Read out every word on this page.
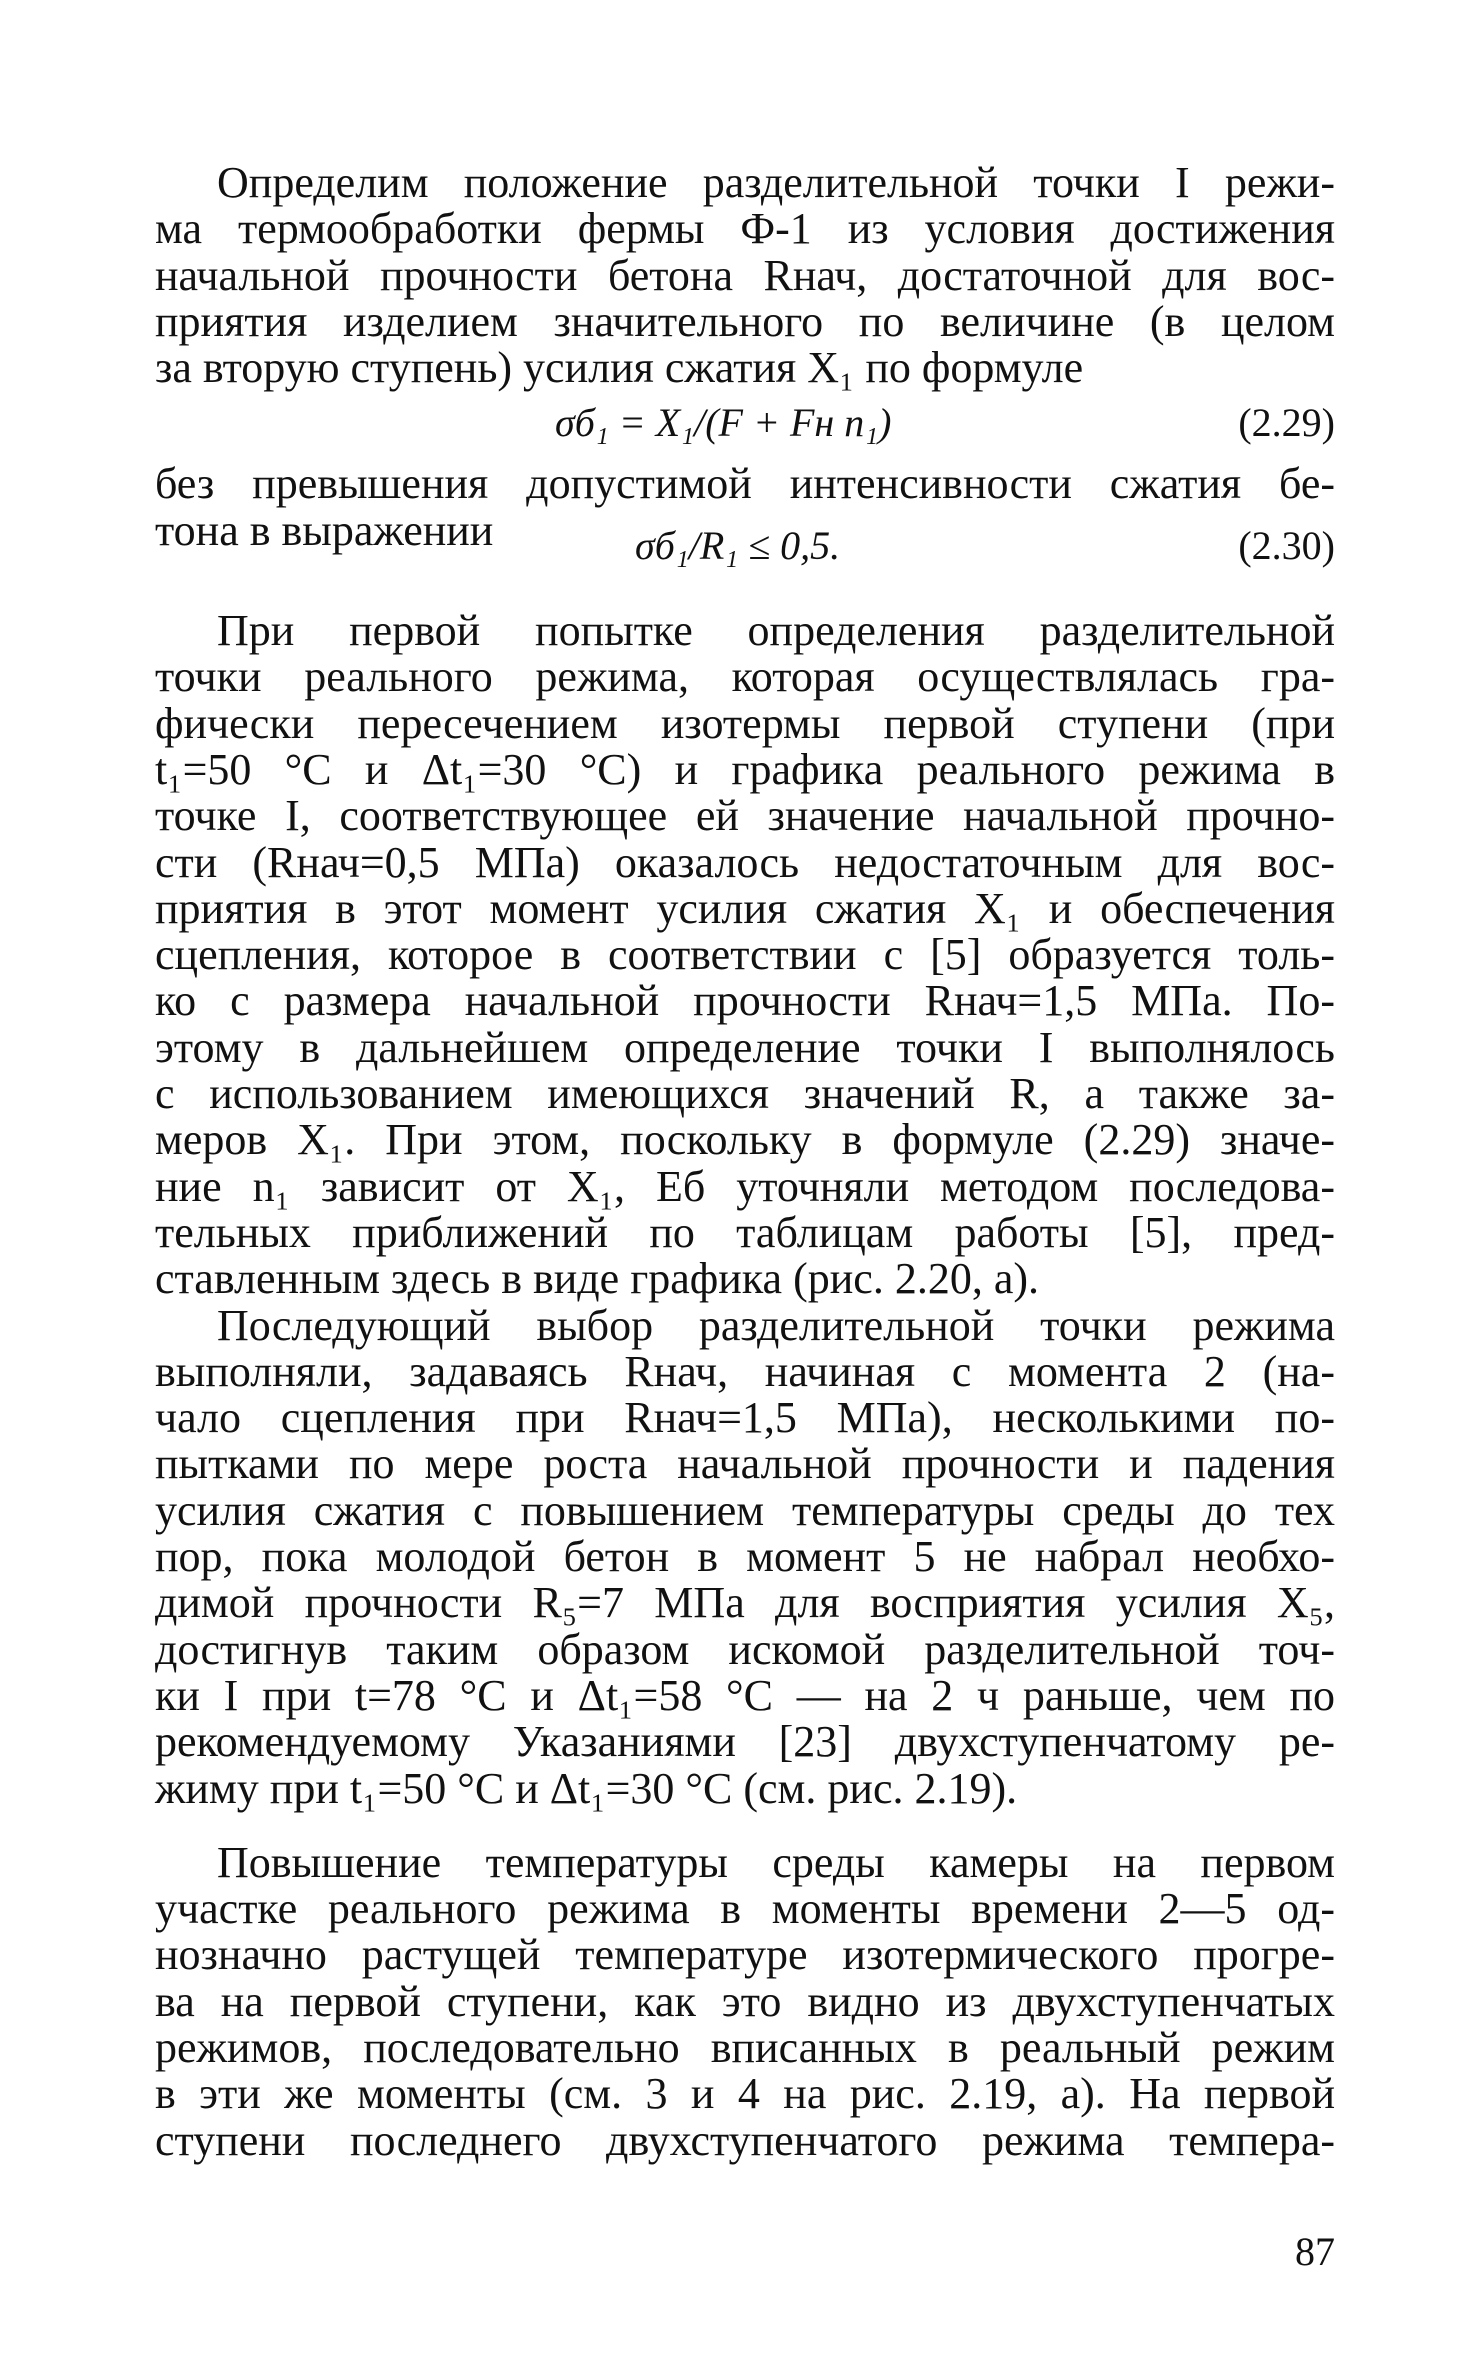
Определим положение разделительной точки I режи-
ма термообработки фермы Ф-1 из условия достижения
начальной прочности бетона Rнач, достаточной для вос-
приятия изделием значительного по величине (в целом
за вторую ступень) усилия сжатия X₁ по формуле
σб₁ = X₁/(F + Fн n₁)	(2.29)
без превышения допустимой интенсивности сжатия бе-
тона в выражении	σб₁/R₁ ≤ 0,5.	(2.30)
При первой попытке определения разделительной
точки реального режима, которая осуществлялась гра-
фически пересечением изотермы первой ступени (при
t₁=50 °C и Δt₁=30 °C) и графика реального режима в
точке I, соответствующее ей значение начальной прочно-
сти (Rнач=0,5 МПа) оказалось недостаточным для вос-
приятия в этот момент усилия сжатия X₁ и обеспечения
сцепления, которое в соответствии с [5] образуется толь-
ко с размера начальной прочности Rнач=1,5 МПа. По-
этому в дальнейшем определение точки I выполнялось
с использованием имеющихся значений R, а также за-
меров X₁. При этом, поскольку в формуле (2.29) значе-
ние n₁ зависит от X₁, Eб уточняли методом последова-
тельных приближений по таблицам работы [5], пред-
ставленным здесь в виде графика (рис. 2.20, a).
Последующий выбор разделительной точки режима
выполняли, задаваясь Rнач, начиная с момента 2 (на-
чало сцепления при Rнач=1,5 МПа), несколькими по-
пытками по мере роста начальной прочности и падения
усилия сжатия с повышением температуры среды до тех
пор, пока молодой бетон в момент 5 не набрал необхо-
димой прочности R₅=7 МПа для восприятия усилия X₅,
достигнув таким образом искомой разделительной точ-
ки I при t=78 °C и Δt₁=58 °C — на 2 ч раньше, чем по
рекомендуемому Указаниями [23] двухступенчатому ре-
жиму при t₁=50 °C и Δt₁=30 °C (см. рис. 2.19).
Повышение температуры среды камеры на первом
участке реального режима в моменты времени 2—5 од-
нозначно растущей температуре изотермического прогре-
ва на первой ступени, как это видно из двухступенчатых
режимов, последовательно вписанных в реальный режим
в эти же моменты (см. 3 и 4 на рис. 2.19, a). На первой
ступени последнего двухступенчатого режима темпера-
87
